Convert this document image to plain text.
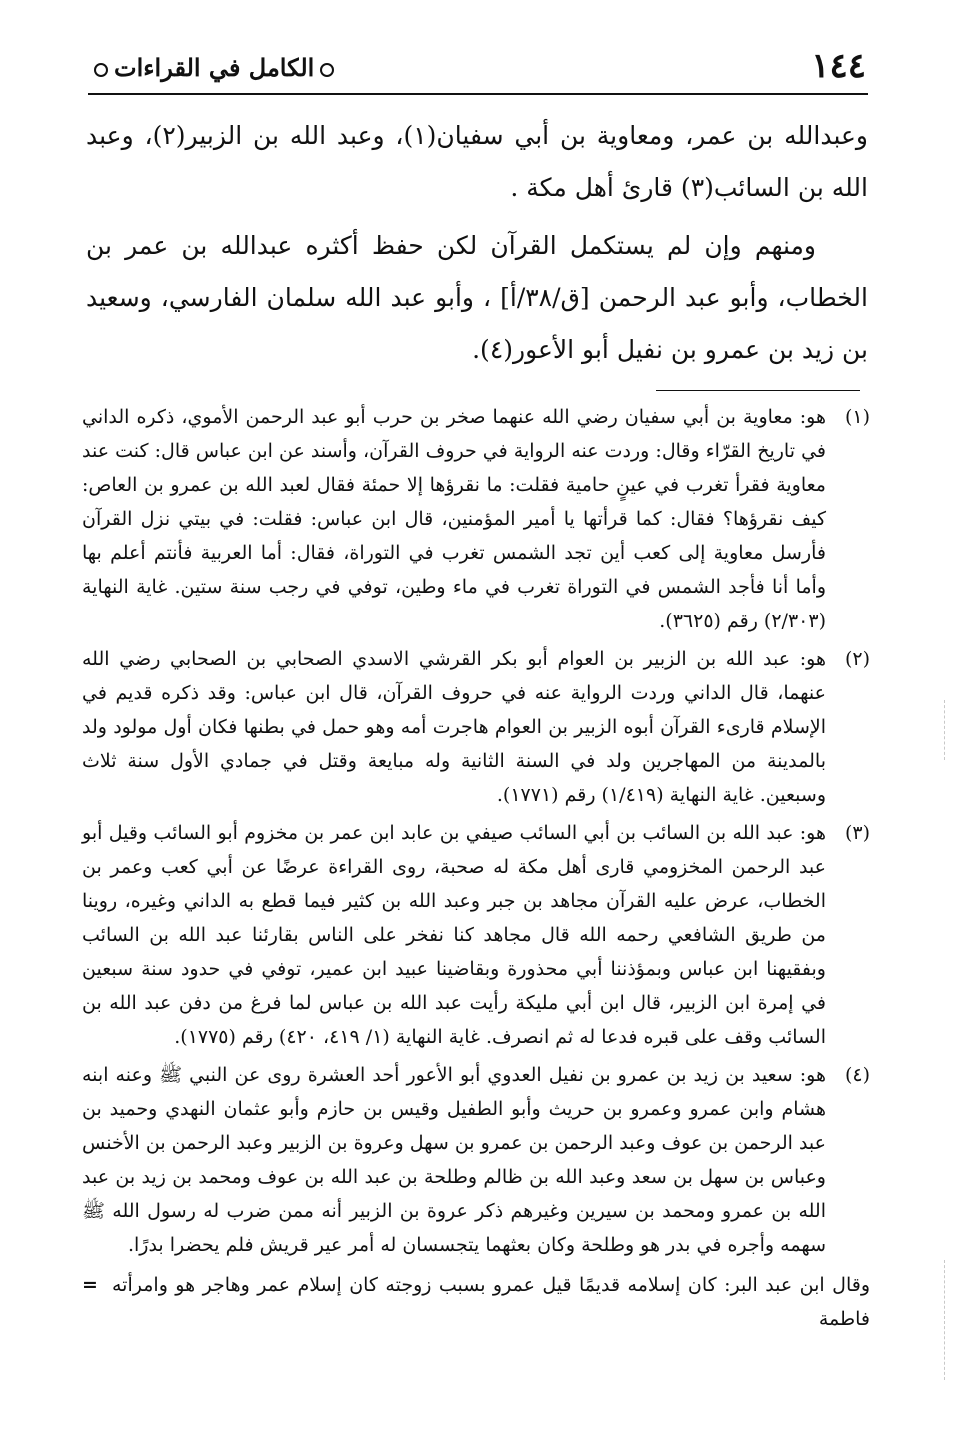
١٤٤
الكامل في القراءات

وعبدالله بن عمر، ومعاوية بن أبي سفيان(١)، وعبد الله بن الزبير(٢)، وعبد الله بن السائب(٣) قارئ أهل مكة .

ومنهم وإن لم يستكمل القرآن لكن حفظ أكثره عبدالله بن عمر بن الخطاب، وأبو عبد الرحمن [ق/٣٨/أ] ، وأبو عبد الله سلمان الفارسي، وسعيد بن زيد بن عمرو بن نفيل أبو الأعور(٤).

(١)
هو: معاوية بن أبي سفيان رضي الله عنهما صخر بن حرب أبو عبد الرحمن الأموي، ذكره الداني في تاريخ القرّاء وقال: وردت عنه الرواية في حروف القرآن، وأسند عن ابن عباس قال: كنت عند معاوية فقرأ تغرب في عينٍ حامية فقلت: ما نقرؤها إلا حمئة فقال لعبد الله بن عمرو بن العاص: كيف نقرؤها؟ فقال: كما قرأتها يا أمير المؤمنين، قال ابن عباس: فقلت: في بيتي نزل القرآن فأرسل معاوية إلى كعب أين تجد الشمس تغرب في التوراة، فقال: أما العربية فأنتم أعلم بها وأما أنا فأجد الشمس في التوراة تغرب في ماء وطين، توفي في رجب سنة ستين. غاية النهاية (٢/٣٠٣) رقم (٣٦٢٥).
(٢)
هو: عبد الله بن الزبير بن العوام أبو بكر القرشي الاسدي الصحابي بن الصحابي رضي الله عنهما، قال الداني وردت الرواية عنه في حروف القرآن، قال ابن عباس: وقد ذكره قديم في الإسلام قارىء القرآن أبوه الزبير بن العوام هاجرت أمه وهو حمل في بطنها فكان أول مولود ولد بالمدينة من المهاجرين ولد في السنة الثانية وله مبايعة وقتل في جمادي الأول سنة ثلاث وسبعين. غاية النهاية (١/٤١٩) رقم (١٧٧١).
(٣)
هو: عبد الله بن السائب بن أبي السائب صيفي بن عابد ابن عمر بن مخزوم أبو السائب وقيل أبو عبد الرحمن المخزومي قارى أهل مكة له صحبة، روى القراءة عرضًا عن أبي كعب وعمر بن الخطاب، عرض عليه القرآن مجاهد بن جبر وعبد الله بن كثير فيما قطع به الداني وغيره، روينا من طريق الشافعي رحمه الله قال مجاهد كنا نفخر على الناس بقارئنا عبد الله بن السائب وبفقيهنا ابن عباس وبمؤذننا أبي محذورة وبقاضينا عبيد ابن عمير، توفي في حدود سنة سبعين في إمرة ابن الزبير، قال ابن أبي مليكة رأيت عبد الله بن عباس لما فرغ من دفن عبد الله بن السائب وقف على قبره فدعا له ثم انصرف. غاية النهاية (١/ ٤١٩، ٤٢٠) رقم (١٧٧٥).
(٤)
هو: سعيد بن زيد بن عمرو بن نفيل العدوي أبو الأعور أحد العشرة روى عن النبي ﷺ وعنه ابنه هشام وابن عمرو وعمرو بن حريث وأبو الطفيل وقيس بن حازم وأبو عثمان النهدي وحميد بن عبد الرحمن بن عوف وعبد الرحمن بن عمرو بن سهل وعروة بن الزبير وعبد الرحمن بن الأخنس وعباس بن سهل بن سعد وعبد الله بن ظالم وطلحة بن عبد الله بن عوف ومحمد بن زيد بن عبد الله بن عمرو ومحمد بن سيرين وغيرهم ذكر عروة بن الزبير أنه ممن ضرب له رسول الله ﷺ سهمه وأجره في بدر هو وطلحة وكان بعثهما يتجسسان له أمر عير قريش فلم يحضرا بدرًا.
وقال ابن عبد البر: كان إسلامه قديمًا قيل عمرو بسبب زوجته كان إسلام عمر وهاجر هو وامرأته فاطمة
=
